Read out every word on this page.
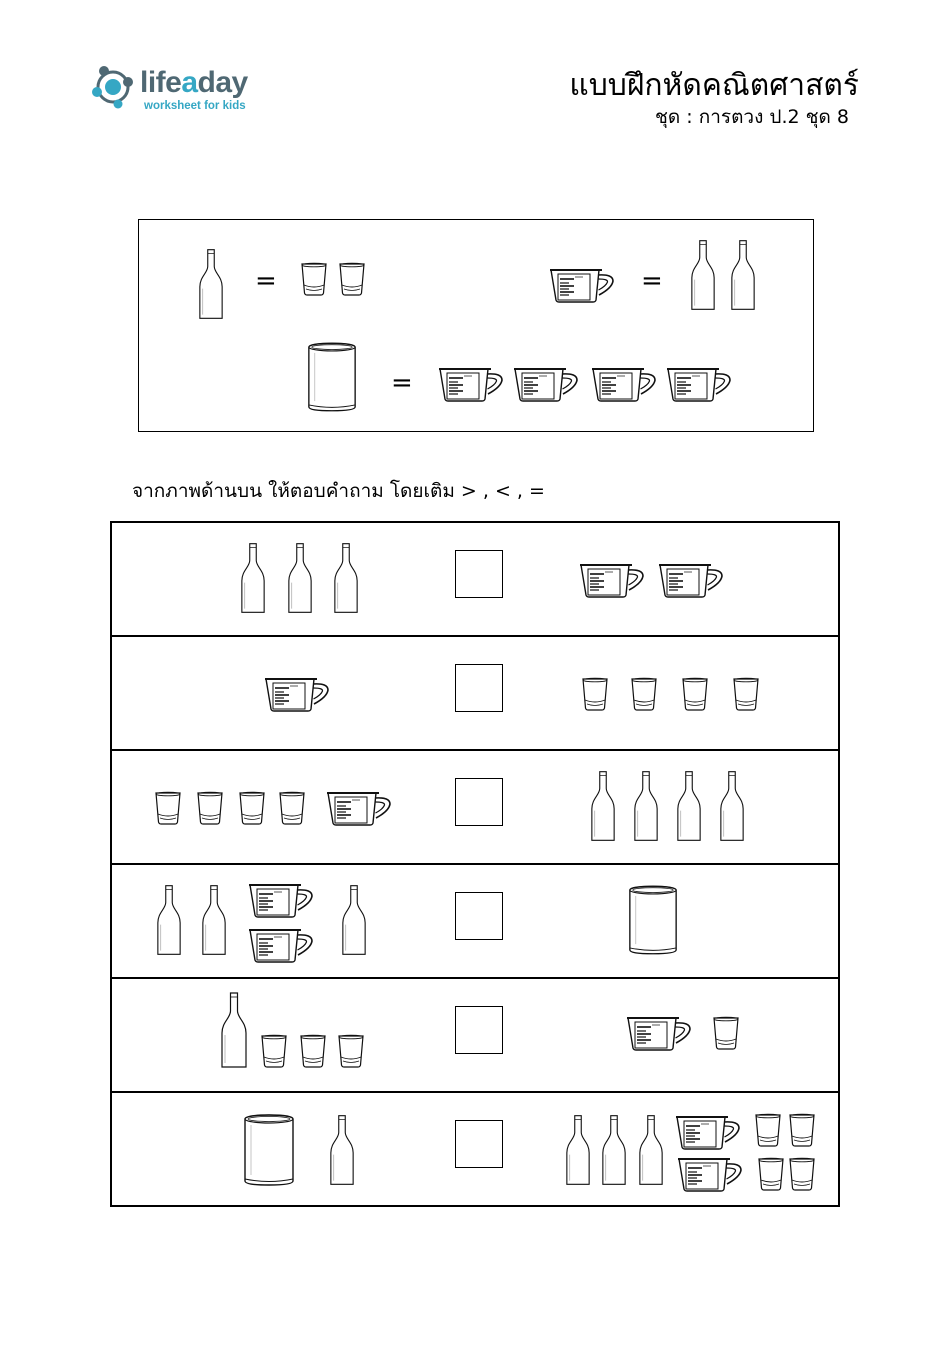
lifeaday
worksheet for kids
แบบฝึกหัดคณิตศาสตร์
ชุด : การตวง ป.2 ชุด 8
=	=
=
จากภาพด้านบน ให้ตอบคำถาม โดยเติม > , < , =
